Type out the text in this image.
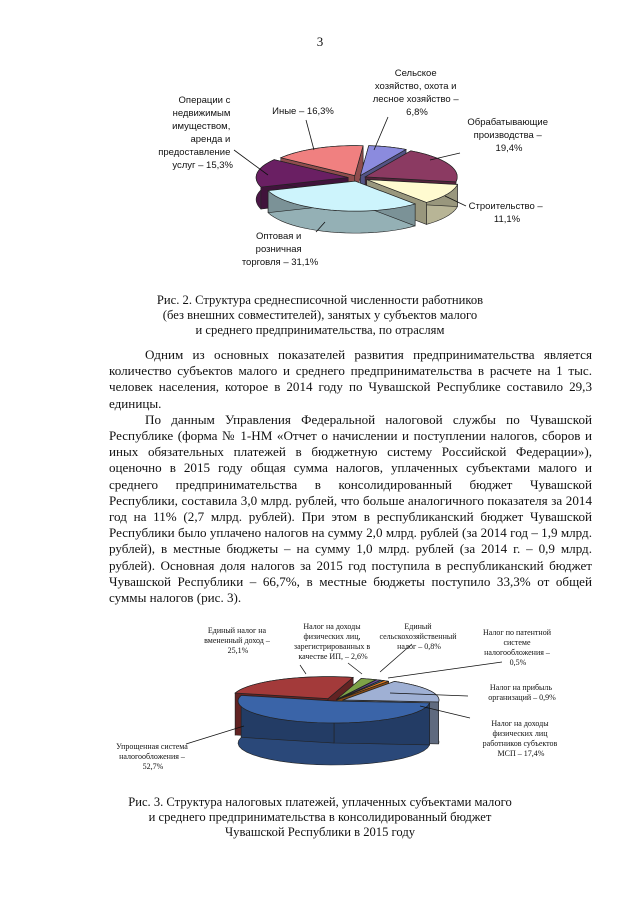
3
Сельское хозяйство, охота и лесное хозяйство – 6,8%
Обрабатывающие производства – 19,4%
Строительство – 11,1%
Оптовая и розничная торговля – 31,1%
Операции с недвижимым имуществом, аренда и предоставление услуг – 15,3%
Иные – 16,3%
Рис. 2. Структура среднесписочной численности работников
(без внешних совместителей), занятых у субъектов малого
и среднего предпринимательства, по отраслям

Одним из основных показателей развития предпринимательства является количество субъектов малого и среднего предпринимательства в расчете на 1 тыс. человек населения, которое в 2014 году по Чувашской Республике составило 29,3 единицы.

По данным Управления Федеральной налоговой службы по Чувашской Республике (форма № 1-НМ «Отчет о начислении и поступлении налогов, сборов и иных обязательных платежей в бюджетную систему Российской Федерации»), оценочно в 2015 году общая сумма налогов, уплаченных субъектами малого и среднего предпринимательства в консолидированный бюджет Чувашской Республики, составила 3,0 млрд. рублей, что больше аналогичного показателя за 2014 год на 11% (2,7 млрд. рублей). При этом в республиканский бюджет Чувашской Республики было уплачено налогов на сумму 2,0 млрд. рублей (за 2014 год – 1,9 млрд. рублей), в местные бюджеты – на сумму 1,0 млрд. рублей (за 2014 г. – 0,9 млрд. рублей). Основная доля налогов за 2015 год поступила в республиканский бюджет Чувашской Республики – 66,7%, в местные бюджеты поступило 33,3% от общей суммы налогов (рис. 3).

Единый налог на вмененный доход – 25,1%
Налог на доходы физических лиц, зарегистрированных в качестве ИП, – 2,6%
Единый сельскохозяйственный налог – 0,8%
Налог по патентной системе налогообложения – 0,5%
Налог на прибыль организаций – 0,9%
Налог на доходы физических лиц работников субъектов МСП – 17,4%
Упрощенная система налогообложения – 52,7%
Рис. 3. Структура налоговых платежей, уплаченных субъектами малого
и среднего предпринимательства в консолидированный бюджет
Чувашской Республики в 2015 году
